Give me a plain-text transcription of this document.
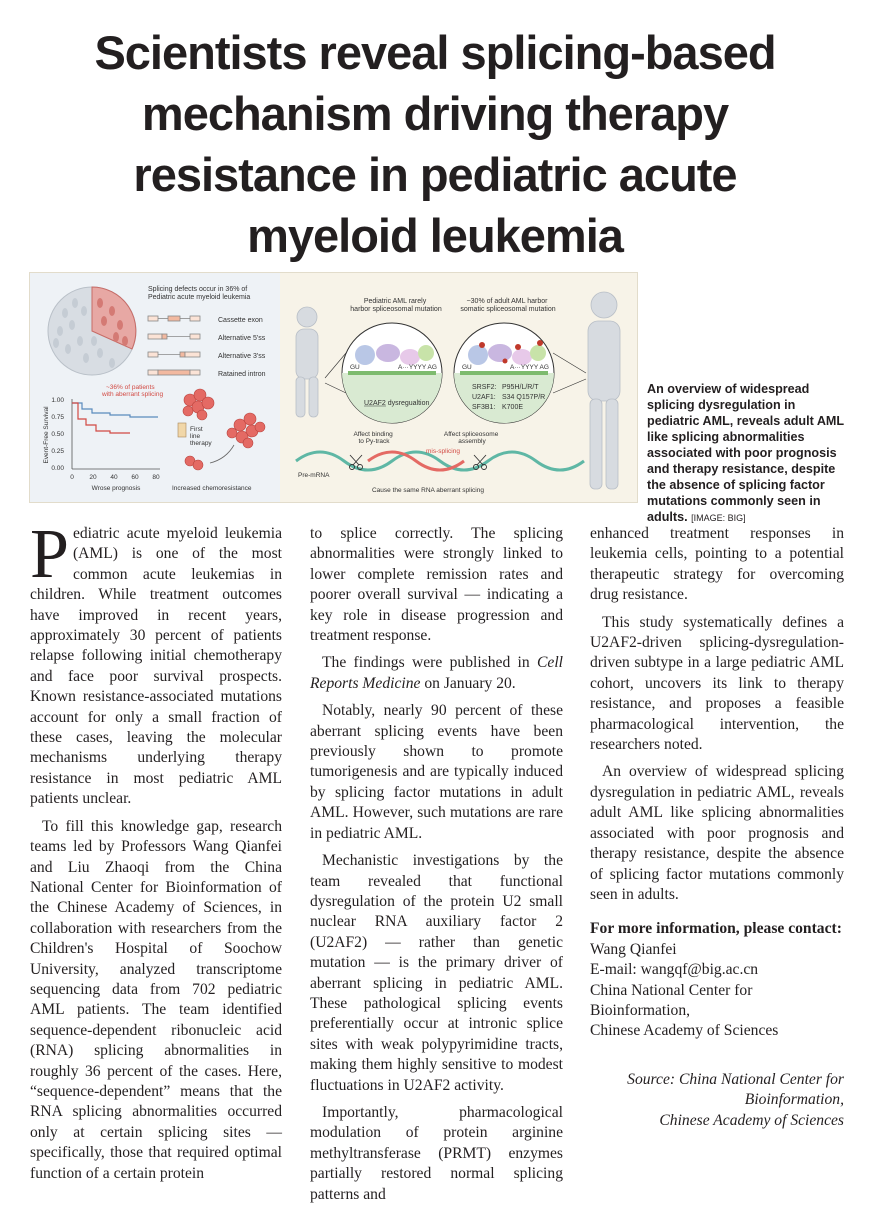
Scientists reveal splicing-based
mechanism driving therapy
resistance in pediatric acute
myeloid leukemia
Splicing defects occur in 36% of Pediatric acute myeloid leukemia
Cassette exon
Alternative 5'ss
Alternative 3'ss
Ratained intron
1.00
0.75
0.50
0.25
0.00
0 20 40 60 80
Event-Free Survival
Wrose prognosis
~36% of patients with aberrant splicing
First line therapy
Increased chemoresistance
Pediatric AML rarely harbor spliceosomal mutation
~30% of adult AML harbor somatic spliceosomal mutation
GU	A···YYYY AG
U2AF2 dysregualtion
GU	A···YYYY AG
SRSF2: P95H/L/R/T
U2AF1: S34 Q157P/R
SF3B1: K700E
Affect binding to Py-track
Affect spliceosome assembly
Pre-mRNA
mis-splicing
Cause the same RNA aberrant splicing

An overview of widespread splicing dysregulation in pediatric AML, reveals adult AML like splicing abnormalities associated with poor prognosis and therapy resistance, despite the absence of splicing factor mutations commonly seen in adults. [IMAGE: BIG]

Pediatric acute myeloid leukemia (AML) is one of the most common acute leukemias in children. While treatment outcomes have improved in recent years, approximately 30 percent of patients relapse following initial chemotherapy and face poor survival prospects. Known resistance-associated mutations account for only a small fraction of these cases, leaving the molecular mechanisms underlying therapy resistance in most pediatric AML patients unclear.

To fill this knowledge gap, research teams led by Professors Wang Qianfei and Liu Zhaoqi from the China National Center for Bioinformation of the Chinese Academy of Sciences, in collaboration with researchers from the Children's Hospital of Soochow University, analyzed transcriptome sequencing data from 702 pediatric AML patients. The team identified sequence-dependent ribonucleic acid (RNA) splicing abnormalities in roughly 36 percent of the cases. Here, “sequence-dependent” means that the RNA splicing abnormalities occurred only at certain splicing sites — specifically, those that required optimal function of a certain protein

to splice correctly. The splicing abnormalities were strongly linked to lower complete remission rates and poorer overall survival — indicating a key role in disease progression and treatment response.

The findings were published in Cell Reports Medicine on January 20.

Notably, nearly 90 percent of these aberrant splicing events have been previously shown to promote tumorigenesis and are typically induced by splicing factor mutations in adult AML. However, such mutations are rare in pediatric AML.

Mechanistic investigations by the team revealed that functional dysregulation of the protein U2 small nuclear RNA auxiliary factor 2 (U2AF2) — rather than genetic mutation — is the primary driver of aberrant splicing in pediatric AML. These pathological splicing events preferentially occur at intronic splice sites with weak polypyrimidine tracts, making them highly sensitive to modest fluctuations in U2AF2 activity.

Importantly, pharmacological modulation of protein arginine methyltransferase (PRMT) enzymes partially restored normal splicing patterns and

enhanced treatment responses in leukemia cells, pointing to a potential therapeutic strategy for overcoming drug resistance.

This study systematically defines a U2AF2-driven splicing-dysregulation-driven subtype in a large pediatric AML cohort, uncovers its link to therapy resistance, and proposes a feasible pharmacological intervention, the researchers noted.

An overview of widespread splicing dysregulation in pediatric AML, reveals adult AML like splicing abnormalities associated with poor prognosis and therapy resistance, despite the absence of splicing factor mutations commonly seen in adults.

For more information, please contact:
Wang Qianfei
E-mail: wangqf@big.ac.cn
China National Center for Bioinformation,
Chinese Academy of Sciences
Source: China National Center for
Bioinformation,
Chinese Academy of Sciences
